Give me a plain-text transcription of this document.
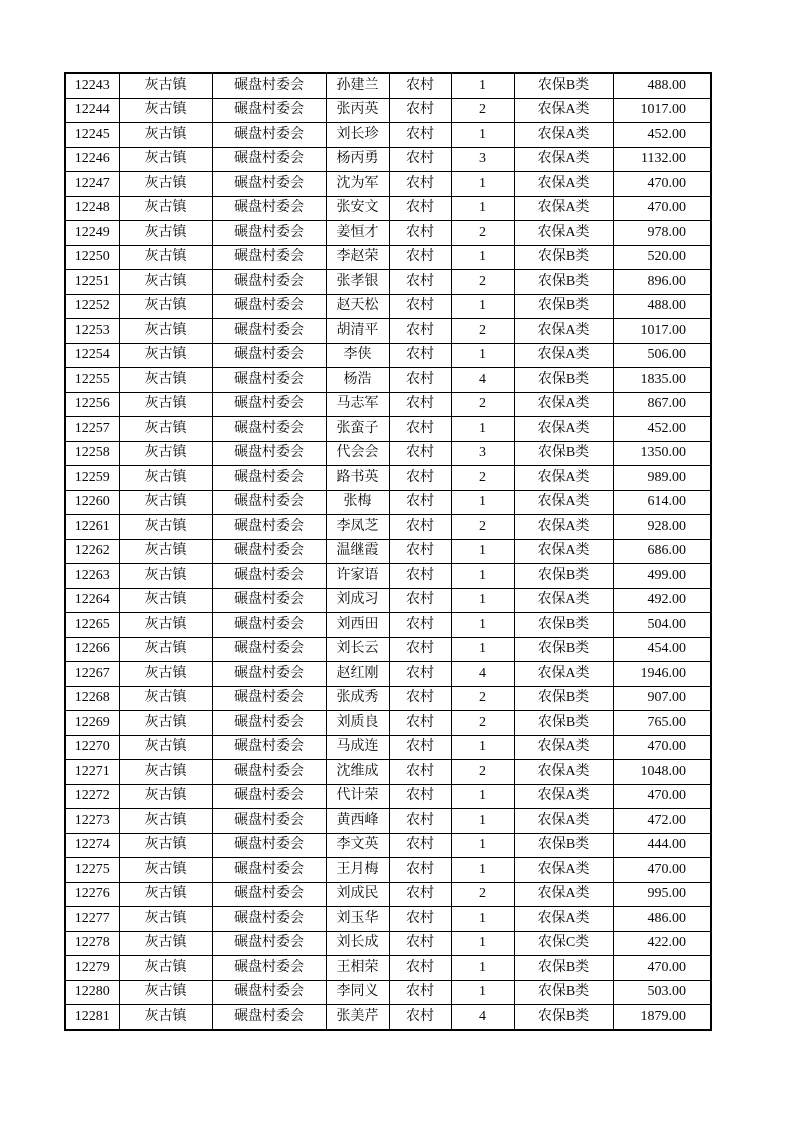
12243	灰古镇	碾盘村委会	孙建兰	农村	1	农保B类	488.00
12244	灰古镇	碾盘村委会	张丙英	农村	2	农保A类	1017.00
12245	灰古镇	碾盘村委会	刘长珍	农村	1	农保A类	452.00
12246	灰古镇	碾盘村委会	杨丙勇	农村	3	农保A类	1132.00
12247	灰古镇	碾盘村委会	沈为军	农村	1	农保A类	470.00
12248	灰古镇	碾盘村委会	张安文	农村	1	农保A类	470.00
12249	灰古镇	碾盘村委会	姜恒才	农村	2	农保A类	978.00
12250	灰古镇	碾盘村委会	李赵荣	农村	1	农保B类	520.00
12251	灰古镇	碾盘村委会	张孝银	农村	2	农保B类	896.00
12252	灰古镇	碾盘村委会	赵天松	农村	1	农保B类	488.00
12253	灰古镇	碾盘村委会	胡清平	农村	2	农保A类	1017.00
12254	灰古镇	碾盘村委会	李侠	农村	1	农保A类	506.00
12255	灰古镇	碾盘村委会	杨浩	农村	4	农保B类	1835.00
12256	灰古镇	碾盘村委会	马志军	农村	2	农保A类	867.00
12257	灰古镇	碾盘村委会	张蛮子	农村	1	农保A类	452.00
12258	灰古镇	碾盘村委会	代会会	农村	3	农保B类	1350.00
12259	灰古镇	碾盘村委会	路书英	农村	2	农保A类	989.00
12260	灰古镇	碾盘村委会	张梅	农村	1	农保A类	614.00
12261	灰古镇	碾盘村委会	李凤芝	农村	2	农保A类	928.00
12262	灰古镇	碾盘村委会	温继霞	农村	1	农保A类	686.00
12263	灰古镇	碾盘村委会	许家语	农村	1	农保B类	499.00
12264	灰古镇	碾盘村委会	刘成习	农村	1	农保A类	492.00
12265	灰古镇	碾盘村委会	刘西田	农村	1	农保B类	504.00
12266	灰古镇	碾盘村委会	刘长云	农村	1	农保B类	454.00
12267	灰古镇	碾盘村委会	赵红刚	农村	4	农保A类	1946.00
12268	灰古镇	碾盘村委会	张成秀	农村	2	农保B类	907.00
12269	灰古镇	碾盘村委会	刘质良	农村	2	农保B类	765.00
12270	灰古镇	碾盘村委会	马成连	农村	1	农保A类	470.00
12271	灰古镇	碾盘村委会	沈维成	农村	2	农保A类	1048.00
12272	灰古镇	碾盘村委会	代计荣	农村	1	农保A类	470.00
12273	灰古镇	碾盘村委会	黄西峰	农村	1	农保A类	472.00
12274	灰古镇	碾盘村委会	李文英	农村	1	农保B类	444.00
12275	灰古镇	碾盘村委会	王月梅	农村	1	农保A类	470.00
12276	灰古镇	碾盘村委会	刘成民	农村	2	农保A类	995.00
12277	灰古镇	碾盘村委会	刘玉华	农村	1	农保A类	486.00
12278	灰古镇	碾盘村委会	刘长成	农村	1	农保C类	422.00
12279	灰古镇	碾盘村委会	王相荣	农村	1	农保B类	470.00
12280	灰古镇	碾盘村委会	李同义	农村	1	农保B类	503.00
12281	灰古镇	碾盘村委会	张美芹	农村	4	农保B类	1879.00
